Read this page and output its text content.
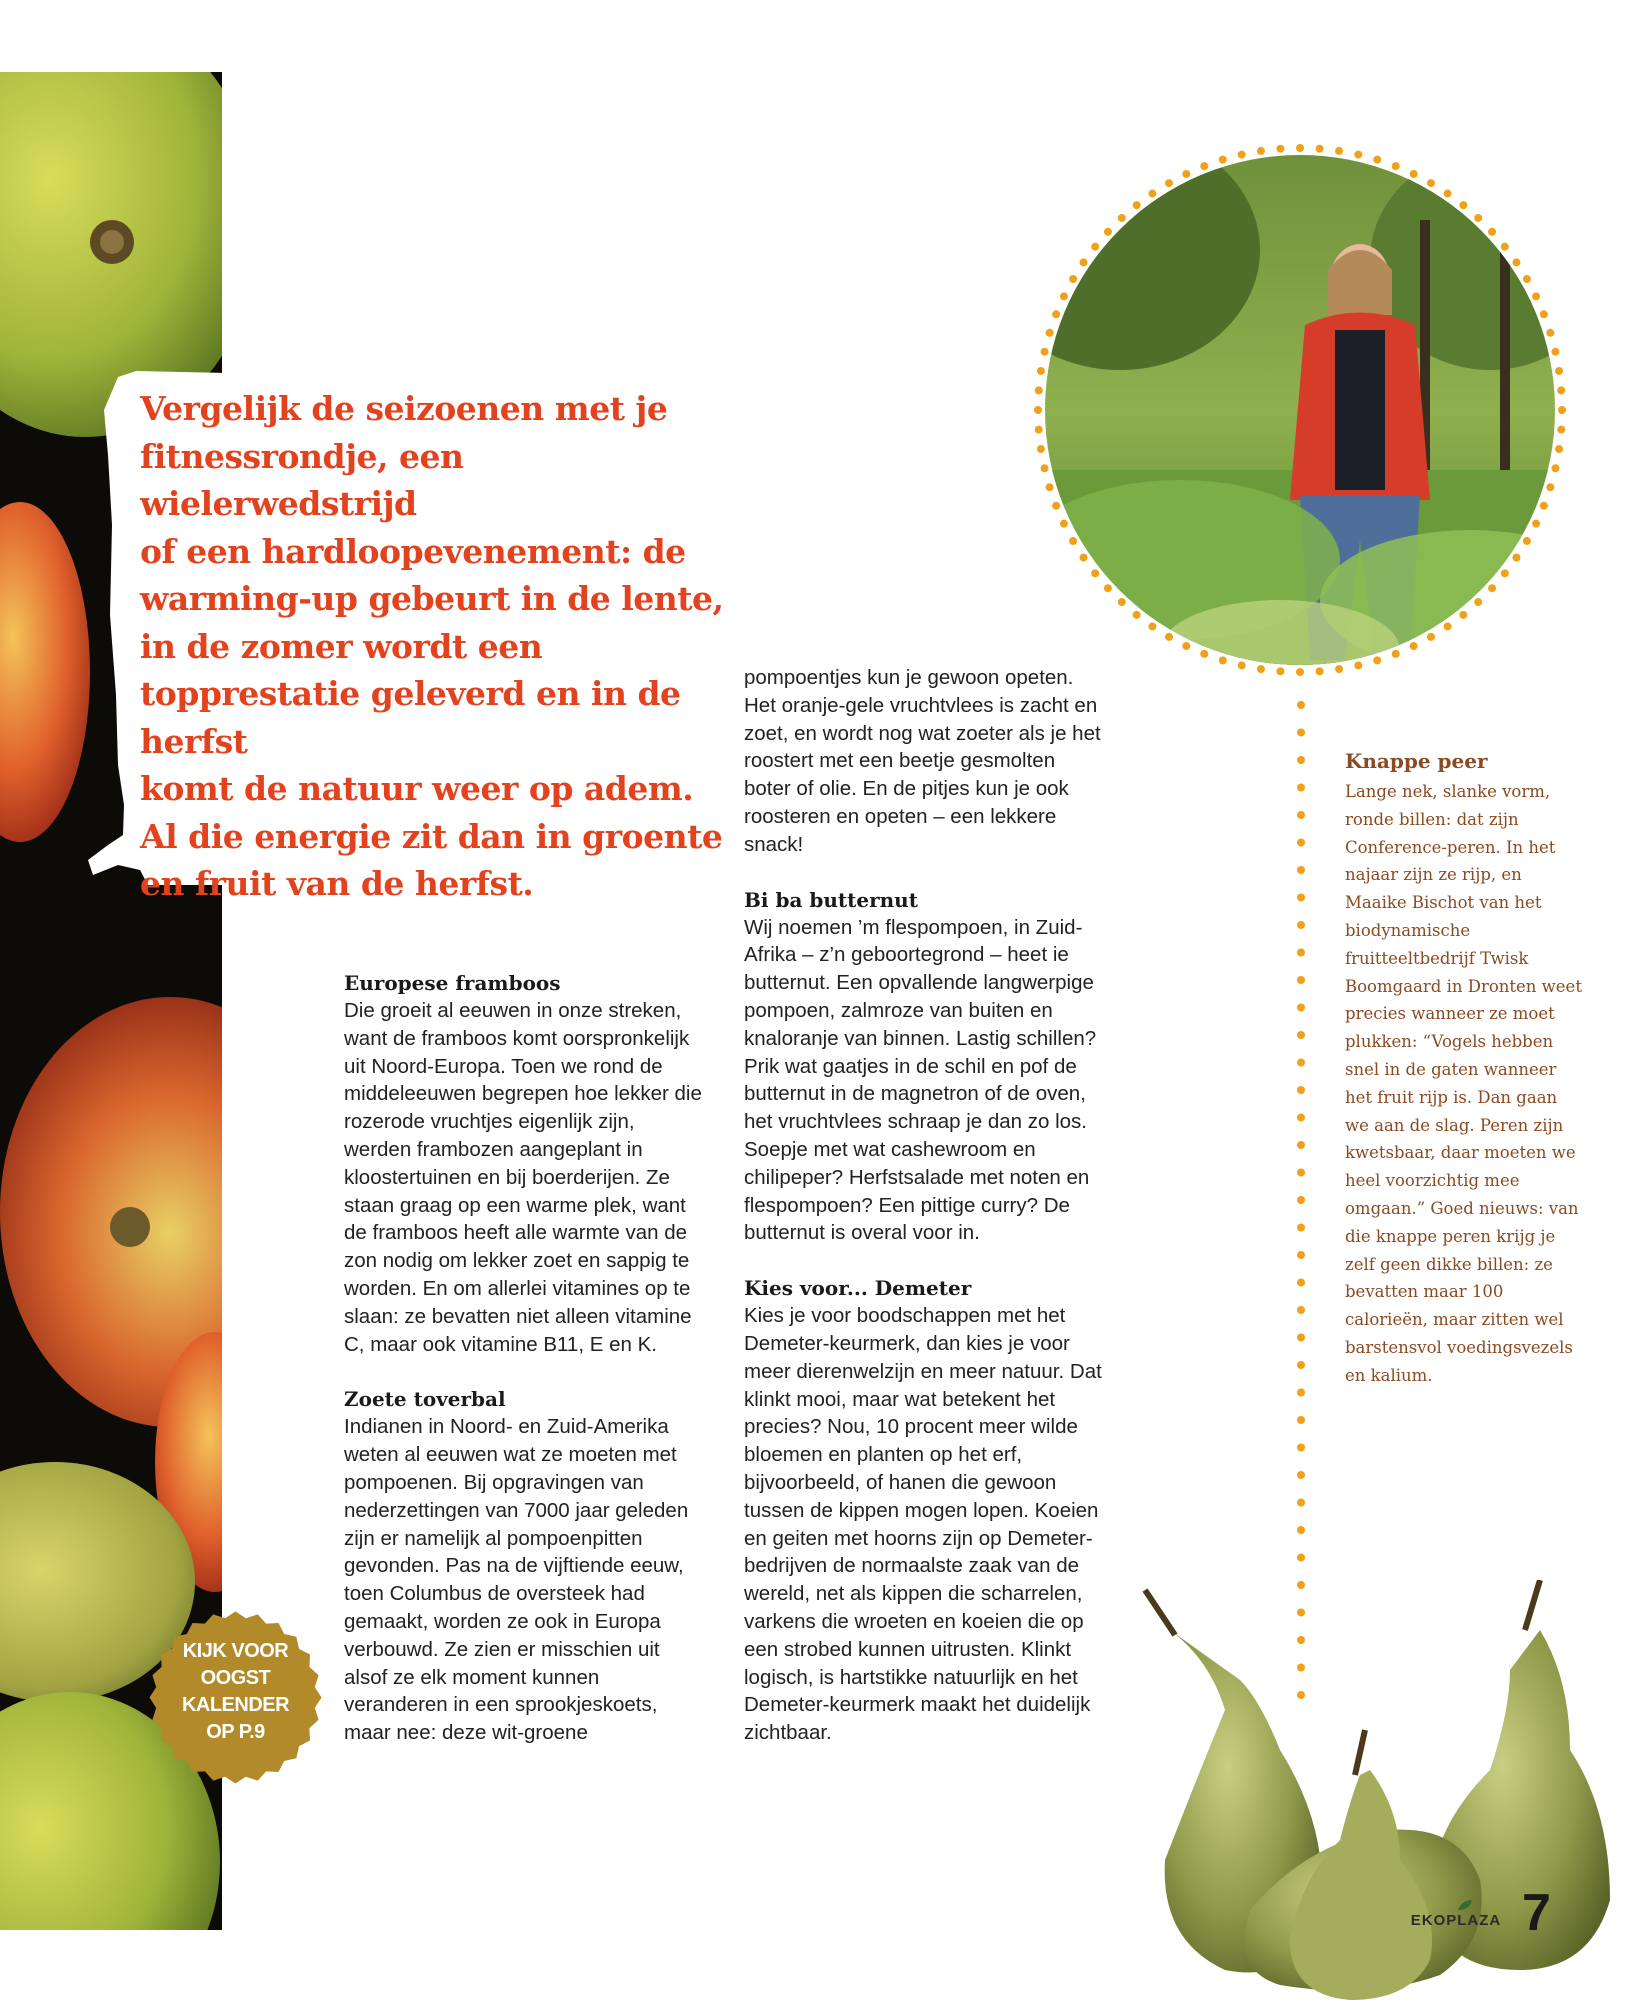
Vergelijk de seizoenen met je
fitnessrondje, een wielerwedstrijd
of een hardloopevenement: de
warming-up gebeurt in de lente,
in de zomer wordt een topprestatie geleverd en in de herfst
komt de natuur weer op adem.
Al die energie zit dan in groente
en fruit van de herfst.

Europese framboos

Die groeit al eeuwen in onze streken, want de framboos komt oorspronkelijk uit Noord-Europa. Toen we rond de middeleeuwen begrepen hoe lekker die rozerode vruchtjes eigenlijk zijn, werden frambozen aangeplant in kloostertuinen en bij boerderijen. Ze staan graag op een warme plek, want de framboos heeft alle warmte van de zon nodig om lekker zoet en sappig te worden. En om allerlei vitamines op te slaan: ze bevatten niet alleen vitamine C, maar ook vitamine B11, E en K.

Zoete toverbal

Indianen in Noord- en Zuid-Amerika weten al eeuwen wat ze moeten met pompoenen. Bij opgravingen van nederzettingen van 7000 jaar geleden zijn er namelijk al pompoenpitten gevonden. Pas na de vijftiende eeuw, toen Columbus de oversteek had gemaakt, worden ze ook in Europa verbouwd. Ze zien er misschien uit alsof ze elk moment kunnen veranderen in een sprookjeskoets, maar nee: deze wit-groene

pompoentjes kun je gewoon opeten. Het oranje-gele vruchtvlees is zacht en zoet, en wordt nog wat zoeter als je het roostert met een beetje gesmolten boter of olie. En de pitjes kun je ook roosteren en opeten – een lekkere snack!

Bi ba butternut

Wij noemen ’m flespompoen, in Zuid-Afrika – z’n geboortegrond – heet ie butternut. Een opvallende langwerpige pompoen, zalmroze van buiten en knaloranje van binnen. Lastig schillen? Prik wat gaatjes in de schil en pof de butternut in de magnetron of de oven, het vruchtvlees schraap je dan zo los. Soepje met wat cashewroom en chilipeper? Herfstsalade met noten en flespompoen? Een pittige curry? De butternut is overal voor in.

Kies voor... Demeter

Kies je voor boodschappen met het Demeter-keurmerk, dan kies je voor meer dierenwelzijn en meer natuur. Dat klinkt mooi, maar wat betekent het precies? Nou, 10 procent meer wilde bloemen en planten op het erf, bijvoorbeeld, of hanen die gewoon tussen de kippen mogen lopen. Koeien en geiten met hoorns zijn op Demeter-bedrijven de normaalste zaak van de wereld, net als kippen die scharrelen, varkens die wroeten en koeien die op een strobed kunnen uitrusten. Klinkt logisch, is hartstikke natuurlijk en het Demeter-keurmerk maakt het duidelijk zichtbaar.

Knappe peer

Lange nek, slanke vorm, ronde billen: dat zijn Conference-peren. In het najaar zijn ze rijp, en Maaike Bischot van het biodynamische fruitteeltbedrijf Twisk Boomgaard in Dronten weet precies wanneer ze moet plukken: “Vogels hebben snel in de gaten wanneer het fruit rijp is. Dan gaan we aan de slag. Peren zijn kwetsbaar, daar moeten we heel voorzichtig mee omgaan.” Goed nieuws: van die knappe peren krijg je zelf geen dikke billen: ze bevatten maar 100 calorieën, maar zitten wel barstensvol voedingsvezels en kalium.

KIJK VOOR
OOGST
KALENDER
OP P.9
EKOPLAZA 7
